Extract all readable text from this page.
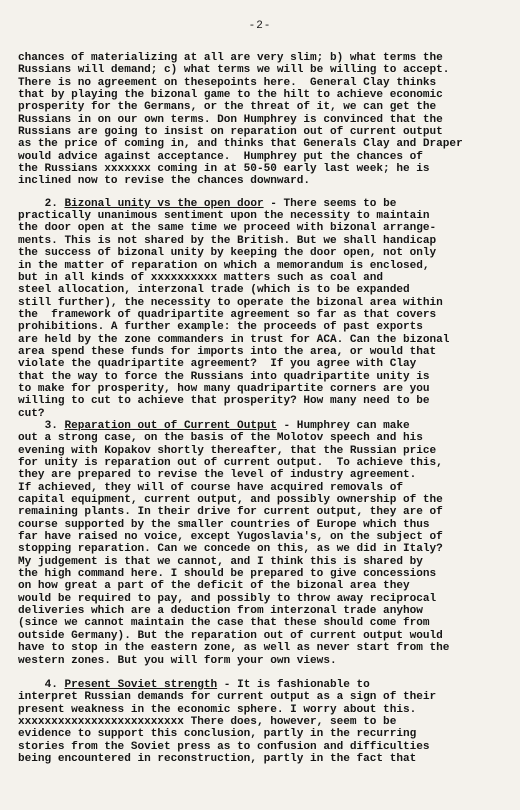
-2-
chances of materializing at all are very slim; b) what terms the
Russians will demand; c) what terms we will be willing to accept.
There is no agreement on thesepoints here.  General Clay thinks
that by playing the bizonal game to the hilt to achieve economic
prosperity for the Germans, or the threat of it, we can get the
Russians in on our own terms. Don Humphrey is convinced that the
Russians are going to insist on reparation out of current output
as the price of coming in, and thinks that Generals Clay and Draper
would advice against acceptance.  Humphrey put the chances of
the Russians xxxxxxx coming in at 50-50 early last week; he is
inclined now to revise the chances downward.
2. Bizonal unity vs the open door - There seems to be
practically unanimous sentiment upon the necessity to maintain
the door open at the same time we proceed with bizonal arrange-
ments. This is not shared by the British. But we shall handicap
the success of bizonal unity by keeping the door open, not only
in the matter of reparation on which a memorandum is enclosed,
but in all kinds of xxxxxxxxxx matters such as coal and
steel allocation, interzonal trade (which is to be expanded
still further), the necessity to operate the bizonal area within
the  framework of quadripartite agreement so far as that covers
prohibitions. A further example: the proceeds of past exports
are held by the zone commanders in trust for ACA. Can the bizonal
area spend these funds for imports into the area, or would that
violate the quadripartite agreement?  If you agree with Clay
that the way to force the Russians into quadripartite unity is
to make for prosperity, how many quadripartite corners are you
willing to cut to achieve that prosperity? How many need to be
cut?
3. Reparation out of Current Output - Humphrey can make
out a strong case, on the basis of the Molotov speech and his
evening with Kopakov shortly thereafter, that the Russian price
for unity is reparation out of current output.  To achieve this,
they are prepared to revise the level of industry agreement.
If achieved, they will of course have acquired removals of
capital equipment, current output, and possibly ownership of the
remaining plants. In their drive for current output, they are of
course supported by the smaller countries of Europe which thus
far have raised no voice, except Yugoslavia's, on the subject of
stopping reparation. Can we concede on this, as we did in Italy?
My judgement is that we cannot, and I think this is shared by
the high command here. I should be prepared to give concessions
on how great a part of the deficit of the bizonal area they
would be required to pay, and possibly to throw away reciprocal
deliveries which are a deduction from interzonal trade anyhow
(since we cannot maintain the case that these should come from
outside Germany). But the reparation out of current output would
have to stop in the eastern zone, as well as never start from the
western zones. But you will form your own views.
4. Present Soviet strength - It is fashionable to
interpret Russian demands for current output as a sign of their
present weakness in the economic sphere. I worry about this.
xxxxxxxxxxxxxxxxxxxxxxxxx There does, however, seem to be
evidence to support this conclusion, partly in the recurring
stories from the Soviet press as to confusion and difficulties
being encountered in reconstruction, partly in the fact that
